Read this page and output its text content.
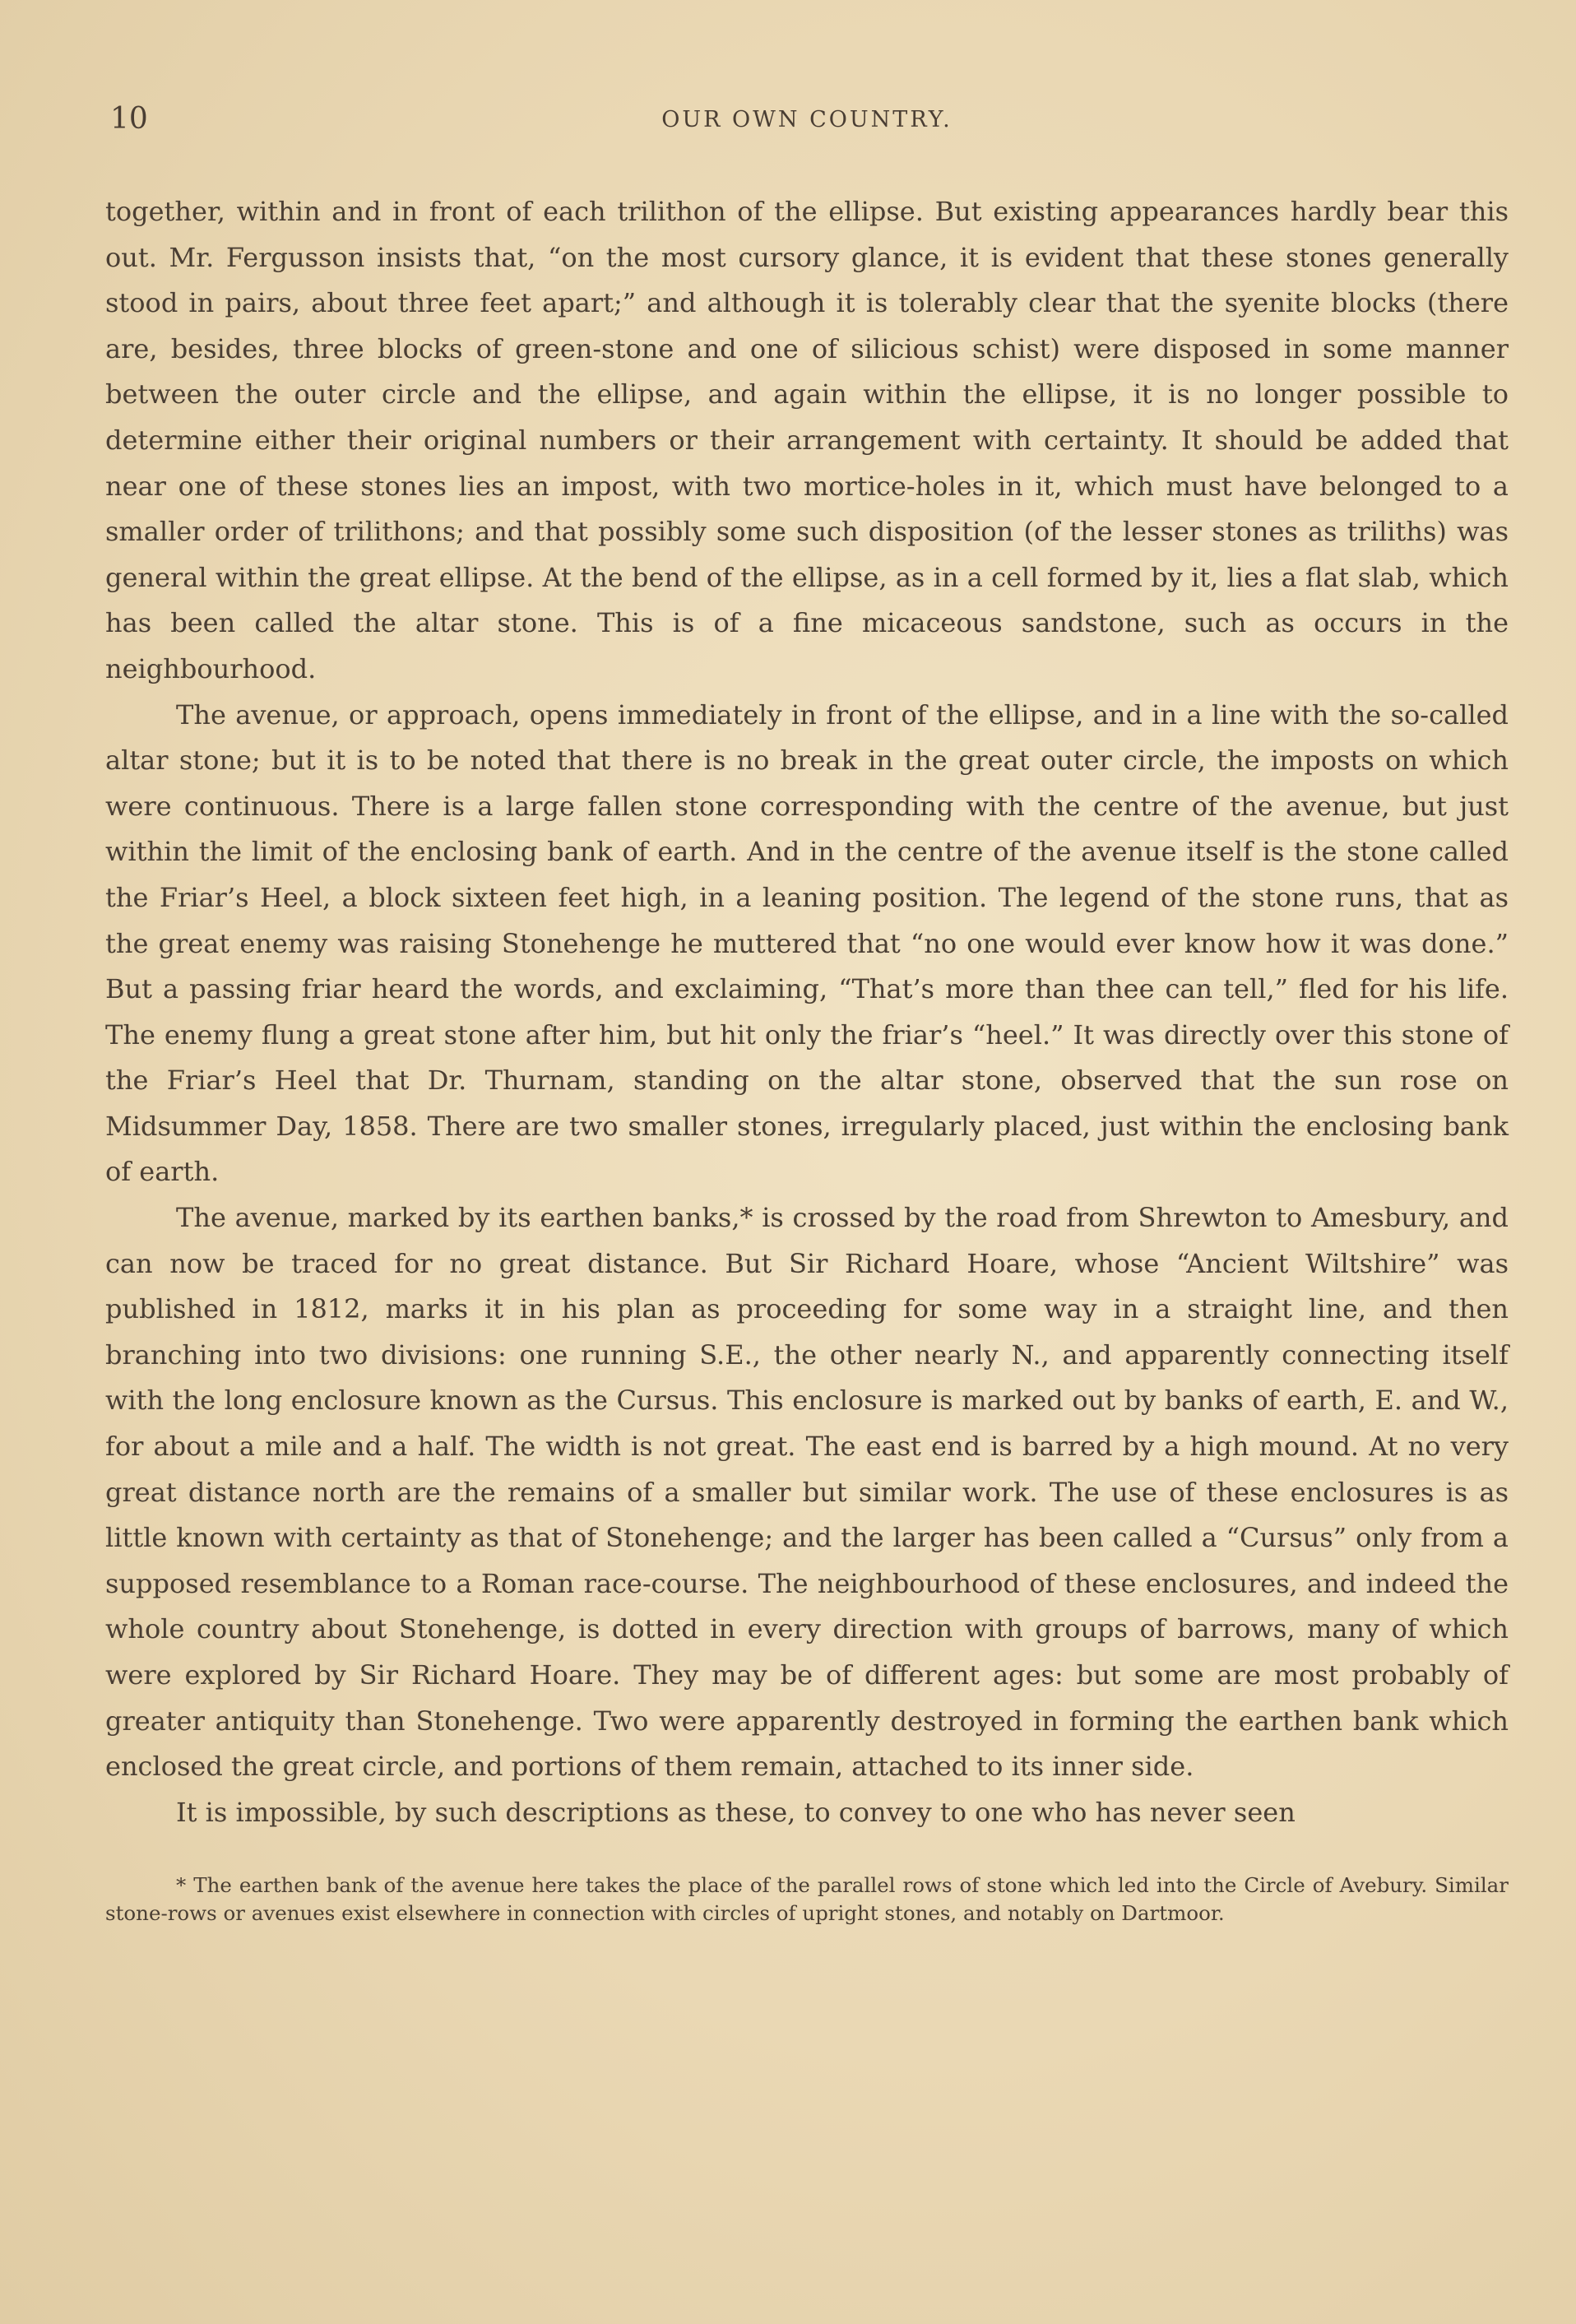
10	OUR OWN COUNTRY.

together, within and in front of each trilithon of the ellipse. But existing appearances hardly bear this out. Mr. Fergusson insists that, “on the most cursory glance, it is evident that these stones generally stood in pairs, about three feet apart;” and although it is tolerably clear that the syenite blocks (there are, besides, three blocks of green-stone and one of silicious schist) were disposed in some manner between the outer circle and the ellipse, and again within the ellipse, it is no longer possible to determine either their original numbers or their arrangement with certainty. It should be added that near one of these stones lies an impost, with two mortice-holes in it, which must have belonged to a smaller order of trilithons; and that possibly some such disposition (of the lesser stones as triliths) was general within the great ellipse. At the bend of the ellipse, as in a cell formed by it, lies a flat slab, which has been called the altar stone. This is of a fine micaceous sandstone, such as occurs in the neighbourhood.

The avenue, or approach, opens immediately in front of the ellipse, and in a line with the so-called altar stone; but it is to be noted that there is no break in the great outer circle, the imposts on which were continuous. There is a large fallen stone corresponding with the centre of the avenue, but just within the limit of the enclosing bank of earth. And in the centre of the avenue itself is the stone called the Friar’s Heel, a block sixteen feet high, in a leaning position. The legend of the stone runs, that as the great enemy was raising Stonehenge he muttered that “no one would ever know how it was done.” But a passing friar heard the words, and exclaiming, “That’s more than thee can tell,” fled for his life. The enemy flung a great stone after him, but hit only the friar’s “heel.” It was directly over this stone of the Friar’s Heel that Dr. Thurnam, standing on the altar stone, observed that the sun rose on Midsummer Day, 1858. There are two smaller stones, irregularly placed, just within the enclosing bank of earth.

The avenue, marked by its earthen banks,* is crossed by the road from Shrewton to Amesbury, and can now be traced for no great distance. But Sir Richard Hoare, whose “Ancient Wiltshire” was published in 1812, marks it in his plan as proceeding for some way in a straight line, and then branching into two divisions: one running S.E., the other nearly N., and apparently connecting itself with the long enclosure known as the Cursus. This enclosure is marked out by banks of earth, E. and W., for about a mile and a half. The width is not great. The east end is barred by a high mound. At no very great distance north are the remains of a smaller but similar work. The use of these enclosures is as little known with certainty as that of Stonehenge; and the larger has been called a “Cursus” only from a supposed resemblance to a Roman race-course. The neighbourhood of these enclosures, and indeed the whole country about Stonehenge, is dotted in every direction with groups of barrows, many of which were explored by Sir Richard Hoare. They may be of different ages: but some are most probably of greater antiquity than Stonehenge. Two were apparently destroyed in forming the earthen bank which enclosed the great circle, and portions of them remain, attached to its inner side.

It is impossible, by such descriptions as these, to convey to one who has never seen

* The earthen bank of the avenue here takes the place of the parallel rows of stone which led into the Circle of Avebury. Similar stone-rows or avenues exist elsewhere in connection with circles of upright stones, and notably on Dartmoor.
